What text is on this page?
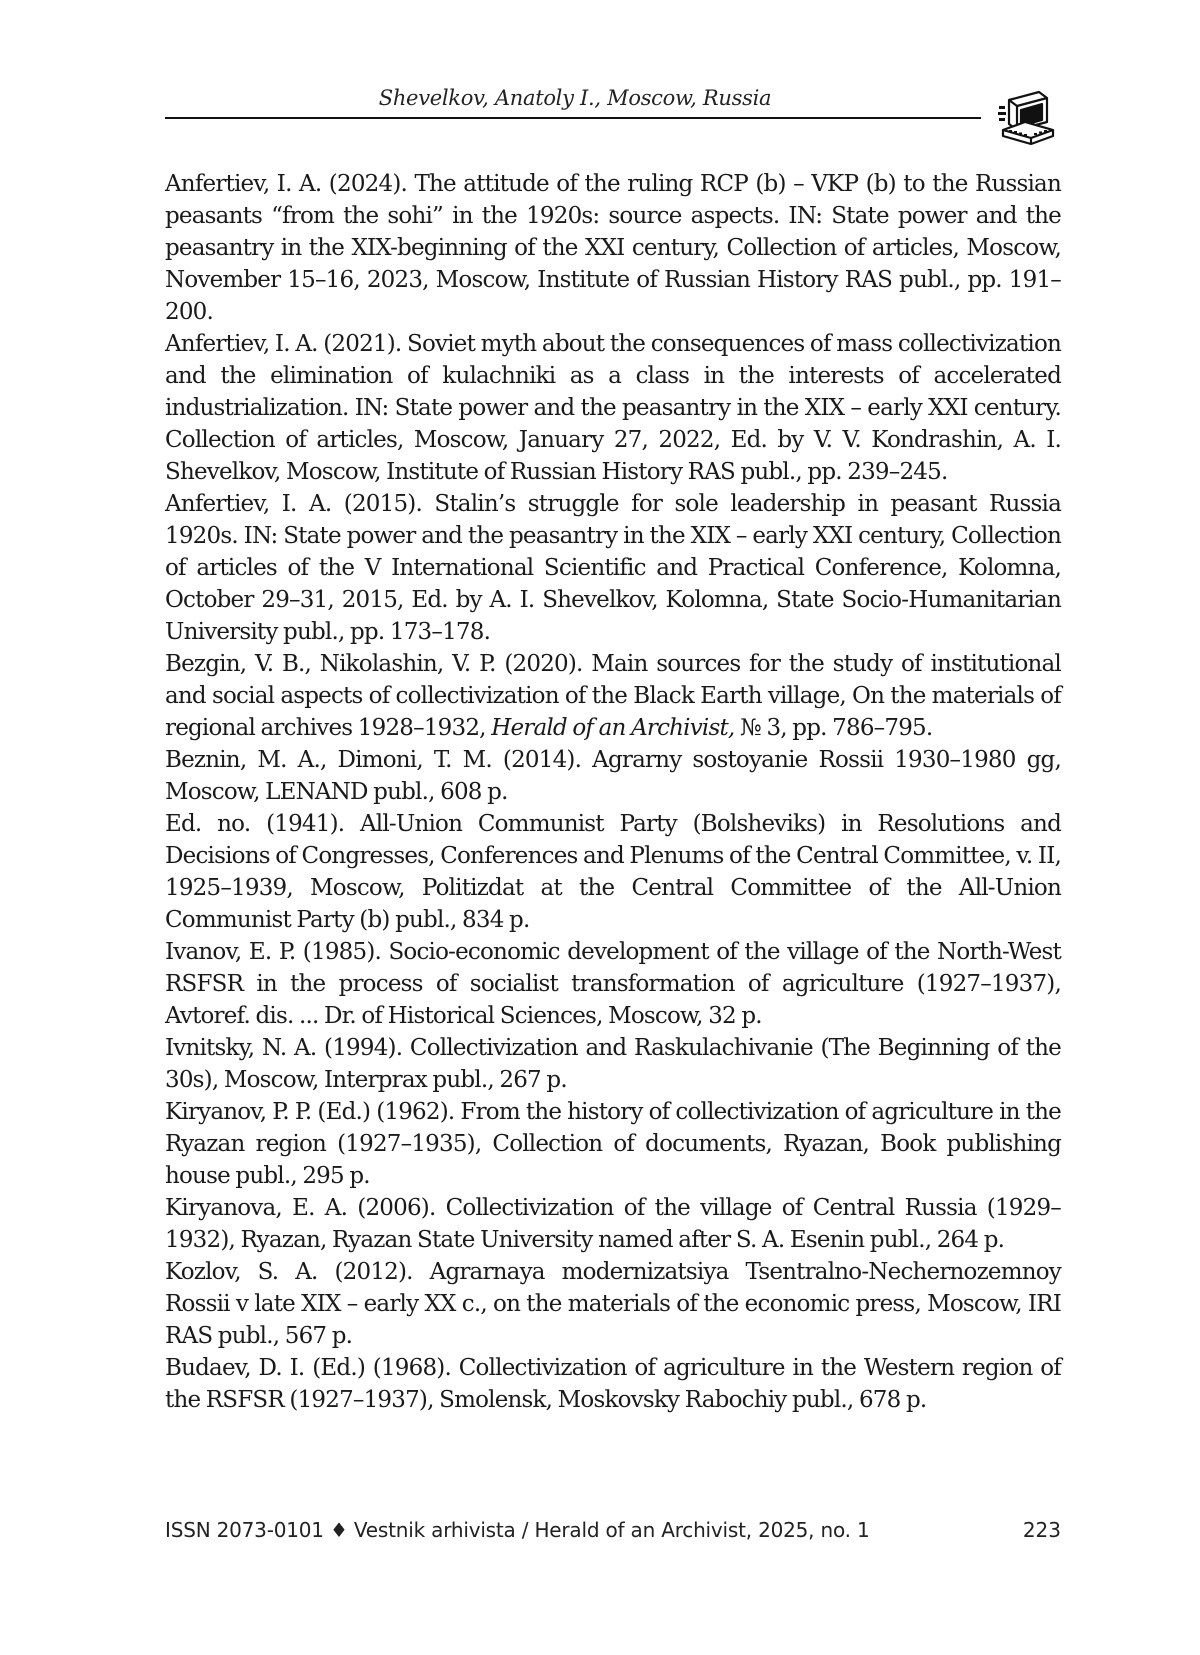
Shevelkov, Anatoly I., Moscow, Russia

Anfertiev, I. A. (2024). The attitude of the ruling RCP (b) – VKP (b) to the Russian peasants “from the sohi” in the 1920s: source aspects. IN: State power and the peasantry in the XIX-beginning of the XXI century, Collection of articles, Moscow, November 15–16, 2023, Moscow, Institute of Russian History RAS publ., pp. 191–200.

Anfertiev, I. A. (2021). Soviet myth about the consequences of mass collectivization and the elimination of kulachniki as a class in the interests of accelerated industrialization. IN: State power and the peasantry in the XIX – early XXI century. Collection of articles, Moscow, January 27, 2022, Ed. by V. V. Kondrashin, A. I. Shevelkov, Moscow, Institute of Russian History RAS publ., pp. 239–245.

Anfertiev, I. A. (2015). Stalin’s struggle for sole leadership in peasant Russia 1920s. IN: State power and the peasantry in the XIX – early XXI century, Collection of articles of the V International Scientific and Practical Conference, Kolomna, October 29–31, 2015, Ed. by A. I. Shevelkov, Kolomna, State Socio-Humanitarian University publ., pp. 173–178.

Bezgin, V. B., Nikolashin, V. P. (2020). Main sources for the study of institutional and social aspects of collectivization of the Black Earth village, On the materials of regional archives 1928–1932, Herald of an Archivist, № 3, pp. 786–795.

Beznin, M. A., Dimoni, T. M. (2014). Agrarny sostoyanie Rossii 1930–1980 gg, Moscow, LENAND publ., 608 p.

Ed. no. (1941). All-Union Communist Party (Bolsheviks) in Resolutions and Decisions of Congresses, Conferences and Plenums of the Central Committee, v. II, 1925–1939, Moscow, Politizdat at the Central Committee of the All-Union Communist Party (b) publ., 834 p.

Ivanov, E. P. (1985). Socio-economic development of the village of the North-West RSFSR in the process of socialist transformation of agriculture (1927–1937), Avtoref. dis. ... Dr. of Historical Sciences, Moscow, 32 p.

Ivnitsky, N. A. (1994). Collectivization and Raskulachivanie (The Beginning of the 30s), Moscow, Interprax publ., 267 p.

Kiryanov, P. P. (Ed.) (1962). From the history of collectivization of agriculture in the Ryazan region (1927–1935), Collection of documents, Ryazan, Book publishing house publ., 295 p.

Kiryanova, E. A. (2006). Collectivization of the village of Central Russia (1929–1932), Ryazan, Ryazan State University named after S. A. Esenin publ., 264 p.

Kozlov, S. A. (2012). Agrarnaya modernizatsiya Tsentralno-Nechernozemnoy Rossii v late XIX – early XX c., on the materials of the economic press, Moscow, IRI RAS publ., 567 p.

Budaev, D. I. (Ed.) (1968). Collectivization of agriculture in the Western region of the RSFSR (1927–1937), Smolensk, Moskovsky Rabochiy publ., 678 p.

ISSN 2073-0101 ♦ Vestnik arhivista / Herald of an Archivist, 2025, no. 1	223
